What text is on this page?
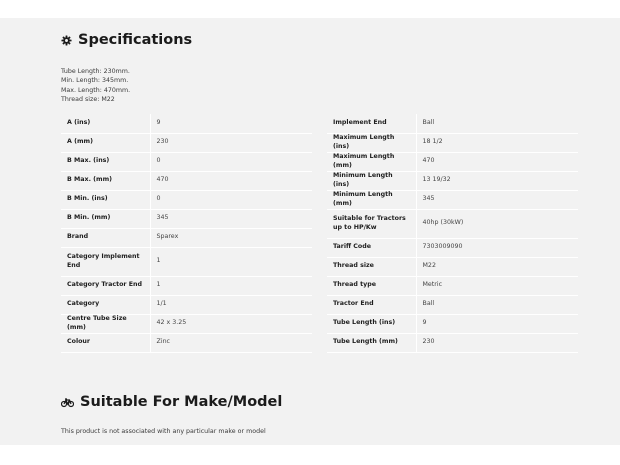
Specifications
Tube Length: 230mm.
Min. Length: 345mm.
Max. Length: 470mm.
Thread size: M22
A (ins)	9
A (mm)	230
B Max. (ins)	0
B Max. (mm)	470
B Min. (ins)	0
B Min. (mm)	345
Brand	Sparex
Category Implement End	1
Category Tractor End	1
Category	1/1
Centre Tube Size (mm)	42 x 3.25
Colour	Zinc
Implement End	Ball
Maximum Length (ins)	18 1/2
Maximum Length (mm)	470
Minimum Length (ins)	13 19/32
Minimum Length (mm)	345
Suitable for Tractors up to HP/Kw	40hp (30kW)
Tariff Code	7303009090
Thread size	M22
Thread type	Metric
Tractor End	Ball
Tube Length (ins)	9
Tube Length (mm)	230
Suitable For Make/Model
This product is not associated with any particular make or model
